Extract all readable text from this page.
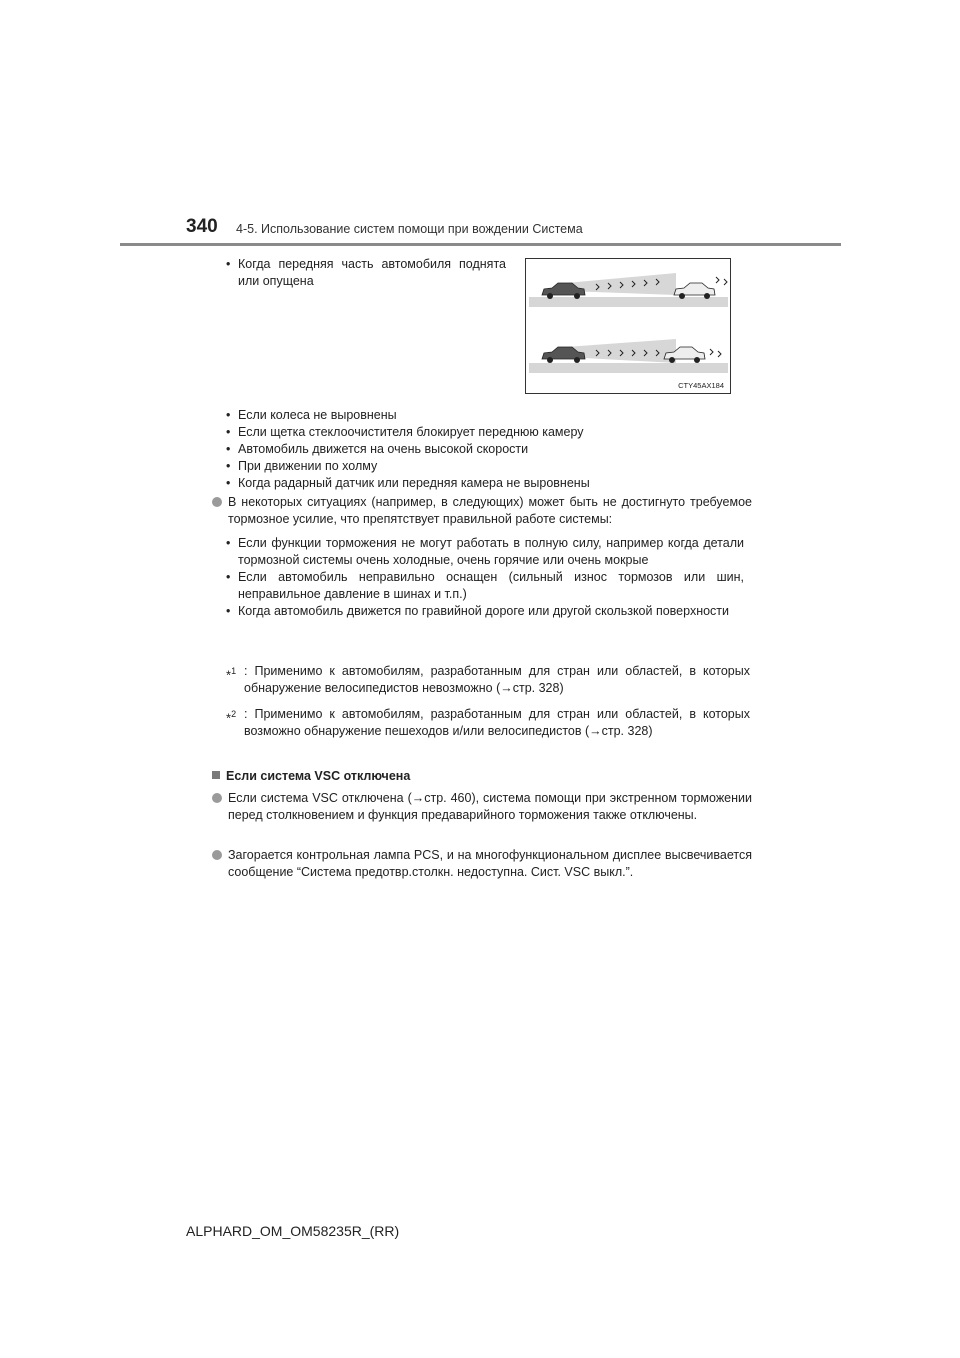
340 4-5. Использование систем помощи при вождении Система
CTY45AX184
• Когда передняя часть автомобиля поднята или опущена
• Если колеса не выровнены
• Если щетка стеклоочистителя блокирует переднюю камеру
• Автомобиль движется на очень высокой скорости
• При движении по холму
• Когда радарный датчик или передняя камера не выровнены
В некоторых ситуациях (например, в следующих) может быть не достигнуто требуемое тормозное усилие, что препятствует правильной работе системы:
• Если функции торможения не могут работать в полную силу, например когда детали тормозной системы очень холодные, очень горячие или очень мокрые
• Если автомобиль неправильно оснащен (сильный износ тормозов или шин, неправильное давление в шинах и т.п.)
• Когда автомобиль движется по гравийной дороге или другой скользкой поверхности
*$^1$ : Применимо к автомобилям, разработанным для стран или областей, в которых обнаружение велосипедистов невозможно (→стр. 328)
*$^2$ : Применимо к автомобилям, разработанным для стран или областей, в которых возможно обнаружение пешеходов и/или велосипедистов (→стр. 328)
Если система VSC отключена
Если система VSC отключена (→стр. 460), система помощи при экстренном торможении перед столкновением и функция предаварийного торможения также отключены.
Загорается контрольная лампа PCS, и на многофункциональном дисплее высвечивается сообщение “Система предотвр.столкн. недоступна. Сист. VSC выкл.”.
ALPHARD_OM_OM58235R_(RR)
